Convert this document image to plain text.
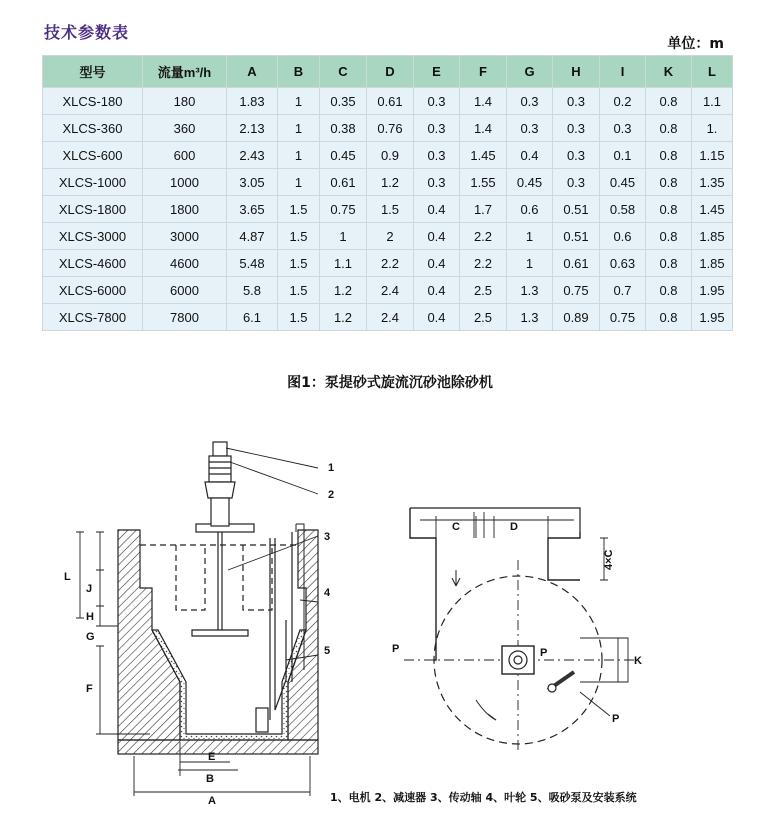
技术参数表
单位：m
型号	流量m³/h	A	B	C	D	E	F	G	H	I	K	L
XLCS-180	180	1.83	1	0.35	0.61	0.3	1.4	0.3	0.3	0.2	0.8	1.1
XLCS-360	360	2.13	1	0.38	0.76	0.3	1.4	0.3	0.3	0.3	0.8	1.
XLCS-600	600	2.43	1	0.45	0.9	0.3	1.45	0.4	0.3	0.1	0.8	1.15
XLCS-1000	1000	3.05	1	0.61	1.2	0.3	1.55	0.45	0.3	0.45	0.8	1.35
XLCS-1800	1800	3.65	1.5	0.75	1.5	0.4	1.7	0.6	0.51	0.58	0.8	1.45
XLCS-3000	3000	4.87	1.5	1	2	0.4	2.2	1	0.51	0.6	0.8	1.85
XLCS-4600	4600	5.48	1.5	1.1	2.2	0.4	2.2	1	0.61	0.63	0.8	1.85
XLCS-6000	6000	5.8	1.5	1.2	2.4	0.4	2.5	1.3	0.75	0.7	0.8	1.95
XLCS-7800	7800	6.1	1.5	1.2	2.4	0.4	2.5	1.3	0.89	0.75	0.8	1.95
图1：泵提砂式旋流沉砂池除砂机
1
2
3
4
5
L
J
H
G
F
E
B
A
C	D
4×C
K
P	P
P
1、电机 2、减速器 3、传动轴 4、叶轮 5、吸砂泵及安装系统
